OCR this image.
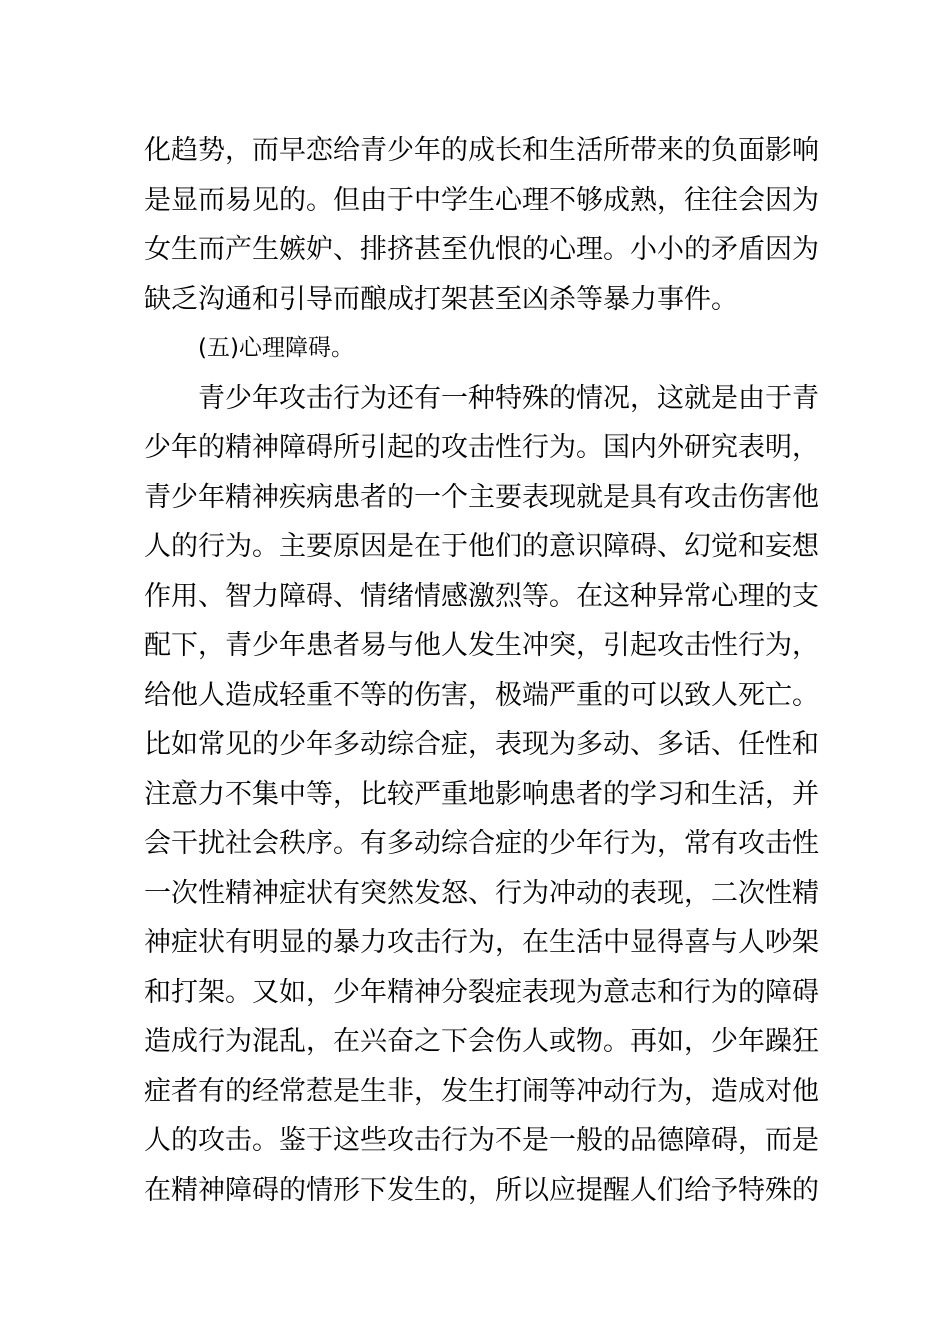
化趋势，而早恋给青少年的成长和生活所带来的负面影响
是显而易见的。但由于中学生心理不够成熟，往往会因为
女生而产生嫉妒、排挤甚至仇恨的心理。小小的矛盾因为
缺乏沟通和引导而酿成打架甚至凶杀等暴力事件。
(五)心理障碍。
青少年攻击行为还有一种特殊的情况，这就是由于青
少年的精神障碍所引起的攻击性行为。国内外研究表明，
青少年精神疾病患者的一个主要表现就是具有攻击伤害他
人的行为。主要原因是在于他们的意识障碍、幻觉和妄想
作用、智力障碍、情绪情感激烈等。在这种异常心理的支
配下，青少年患者易与他人发生冲突，引起攻击性行为，
给他人造成轻重不等的伤害，极端严重的可以致人死亡。
比如常见的少年多动综合症，表现为多动、多话、任性和
注意力不集中等，比较严重地影响患者的学习和生活，并
会干扰社会秩序。有多动综合症的少年行为，常有攻击性
一次性精神症状有突然发怒、行为冲动的表现，二次性精
神症状有明显的暴力攻击行为，在生活中显得喜与人吵架
和打架。又如，少年精神分裂症表现为意志和行为的障碍
造成行为混乱，在兴奋之下会伤人或物。再如，少年躁狂
症者有的经常惹是生非，发生打闹等冲动行为，造成对他
人的攻击。鉴于这些攻击行为不是一般的品德障碍，而是
在精神障碍的情形下发生的，所以应提醒人们给予特殊的
